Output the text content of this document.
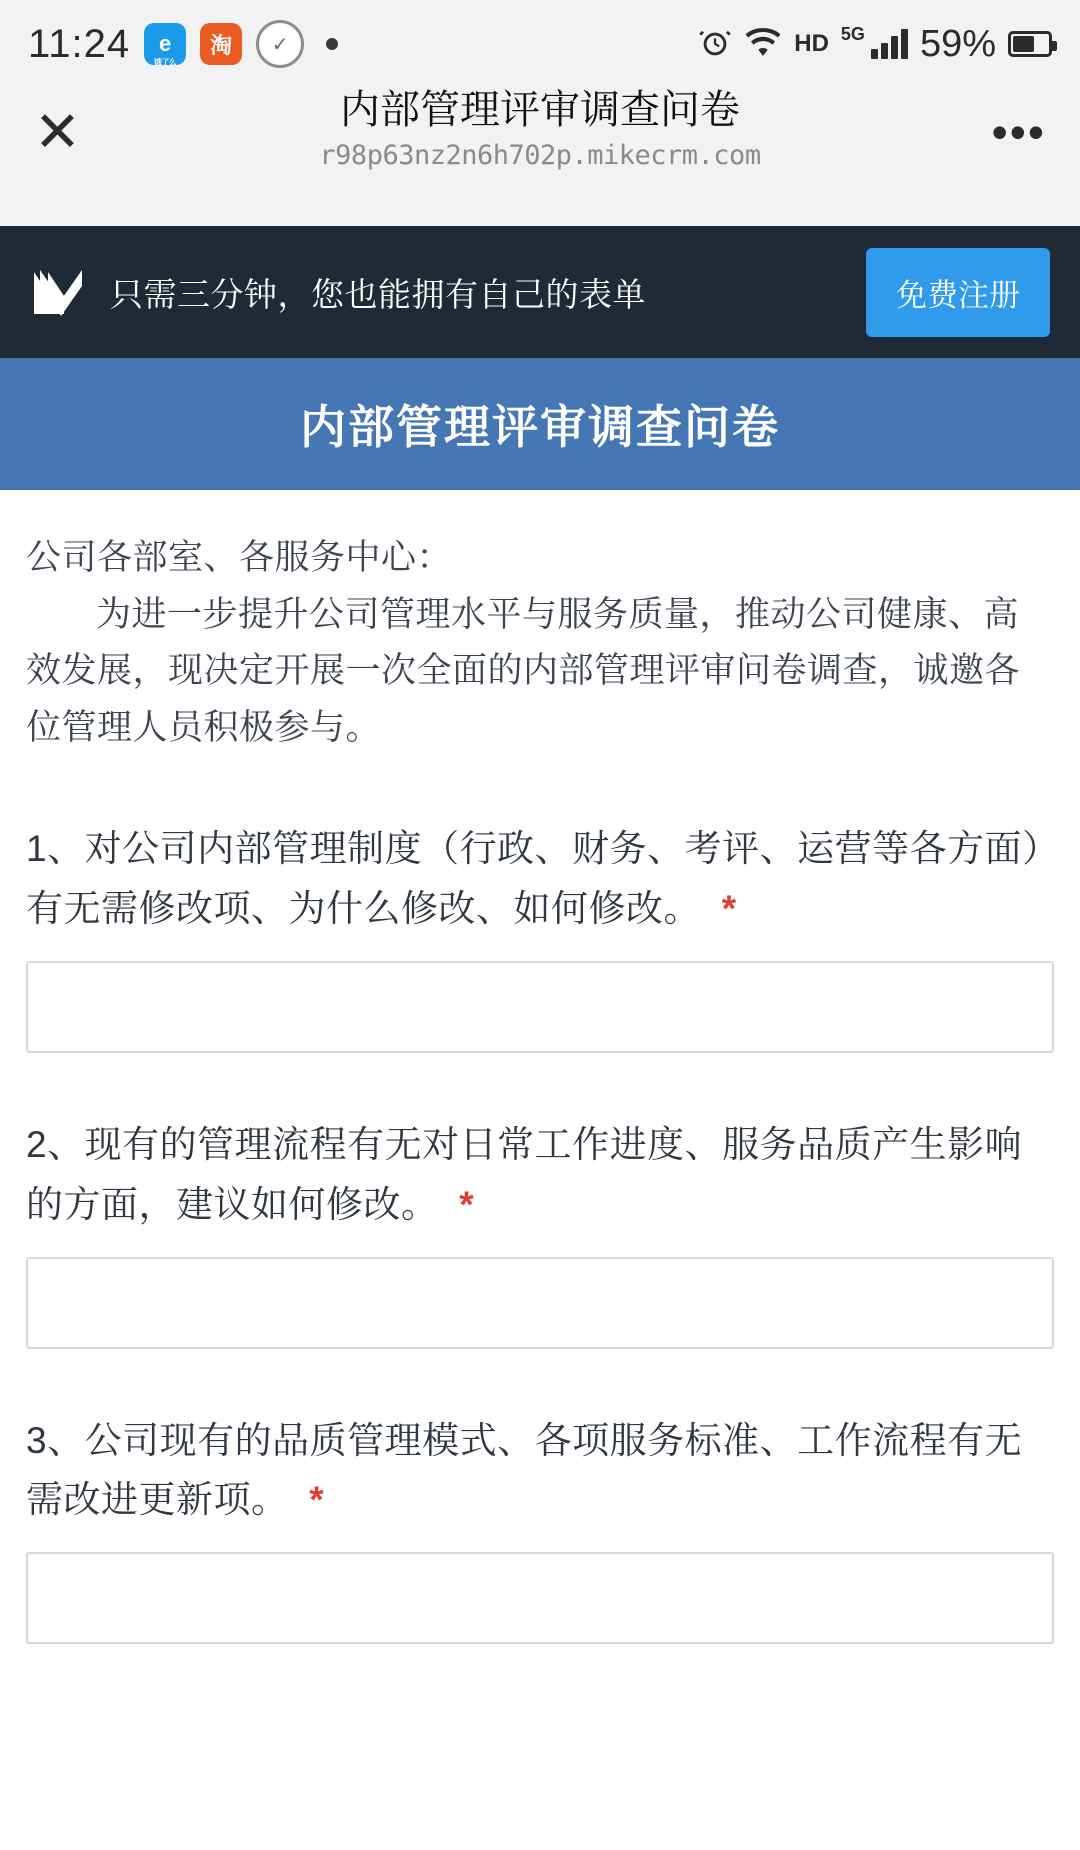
11:24 e
饿了么
淘 ✓	HD 5G 59%
✕	内部管理评审调查问卷
r98p63nz2n6h702p.mikecrm.com	•••
只需三分钟，您也能拥有自己的表单	免费注册
内部管理评审调查问卷
公司各部室、各服务中心：
为进一步提升公司管理水平与服务质量，推动公司健康、高效发展，现决定开展一次全面的内部管理评审问卷调查，诚邀各位管理人员积极参与。
1、对公司内部管理制度（行政、财务、考评、运营等各方面）有无需修改项、为什么修改、如何修改。 *
2、现有的管理流程有无对日常工作进度、服务品质产生影响的方面，建议如何修改。 *
3、公司现有的品质管理模式、各项服务标准、工作流程有无需改进更新项。 *
